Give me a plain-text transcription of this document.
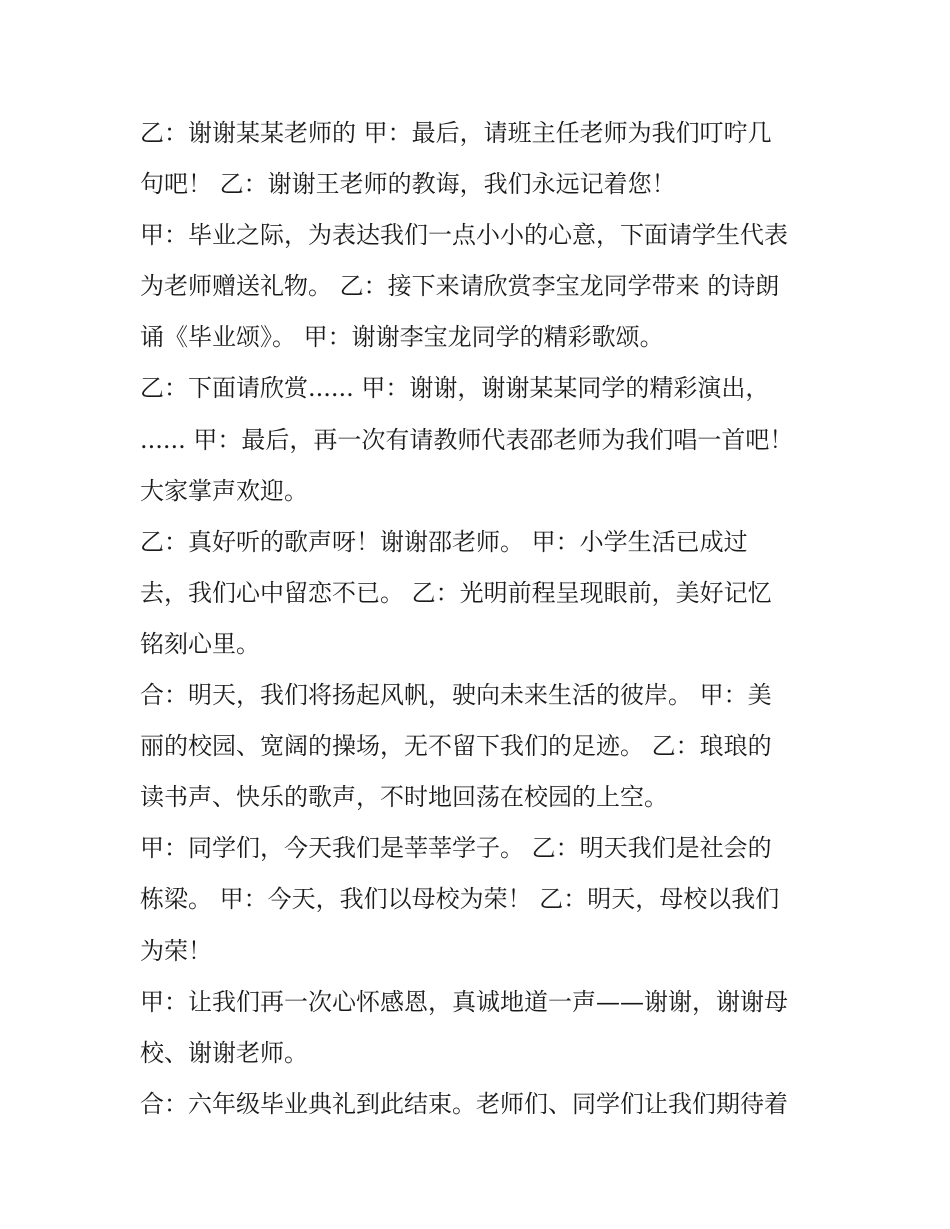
乙：谢谢某某老师的 甲：最后，请班主任老师为我们叮咛几
句吧！ 乙：谢谢王老师的教诲，我们永远记着您！
甲：毕业之际，为表达我们一点小小的心意，下面请学生代表
为老师赠送礼物。 乙：接下来请欣赏李宝龙同学带来 的诗朗
诵《毕业颂》。 甲：谢谢李宝龙同学的精彩歌颂。
乙：下面请欣赏...... 甲：谢谢，谢谢某某同学的精彩演出，
...... 甲：最后，再一次有请教师代表邵老师为我们唱一首吧！
大家掌声欢迎。
乙：真好听的歌声呀！谢谢邵老师。 甲：小学生活已成过
去，我们心中留恋不已。 乙：光明前程呈现眼前，美好记忆
铭刻心里。
合：明天，我们将扬起风帆，驶向未来生活的彼岸。 甲：美
丽的校园、宽阔的操场，无不留下我们的足迹。 乙：琅琅的
读书声、快乐的歌声，不时地回荡在校园的上空。
甲：同学们，今天我们是莘莘学子。 乙：明天我们是社会的
栋梁。 甲：今天，我们以母校为荣！ 乙：明天，母校以我们
为荣！
甲：让我们再一次心怀感恩，真诚地道一声——谢谢，谢谢母
校、谢谢老师。
合：六年级毕业典礼到此结束。老师们、同学们让我们期待着
